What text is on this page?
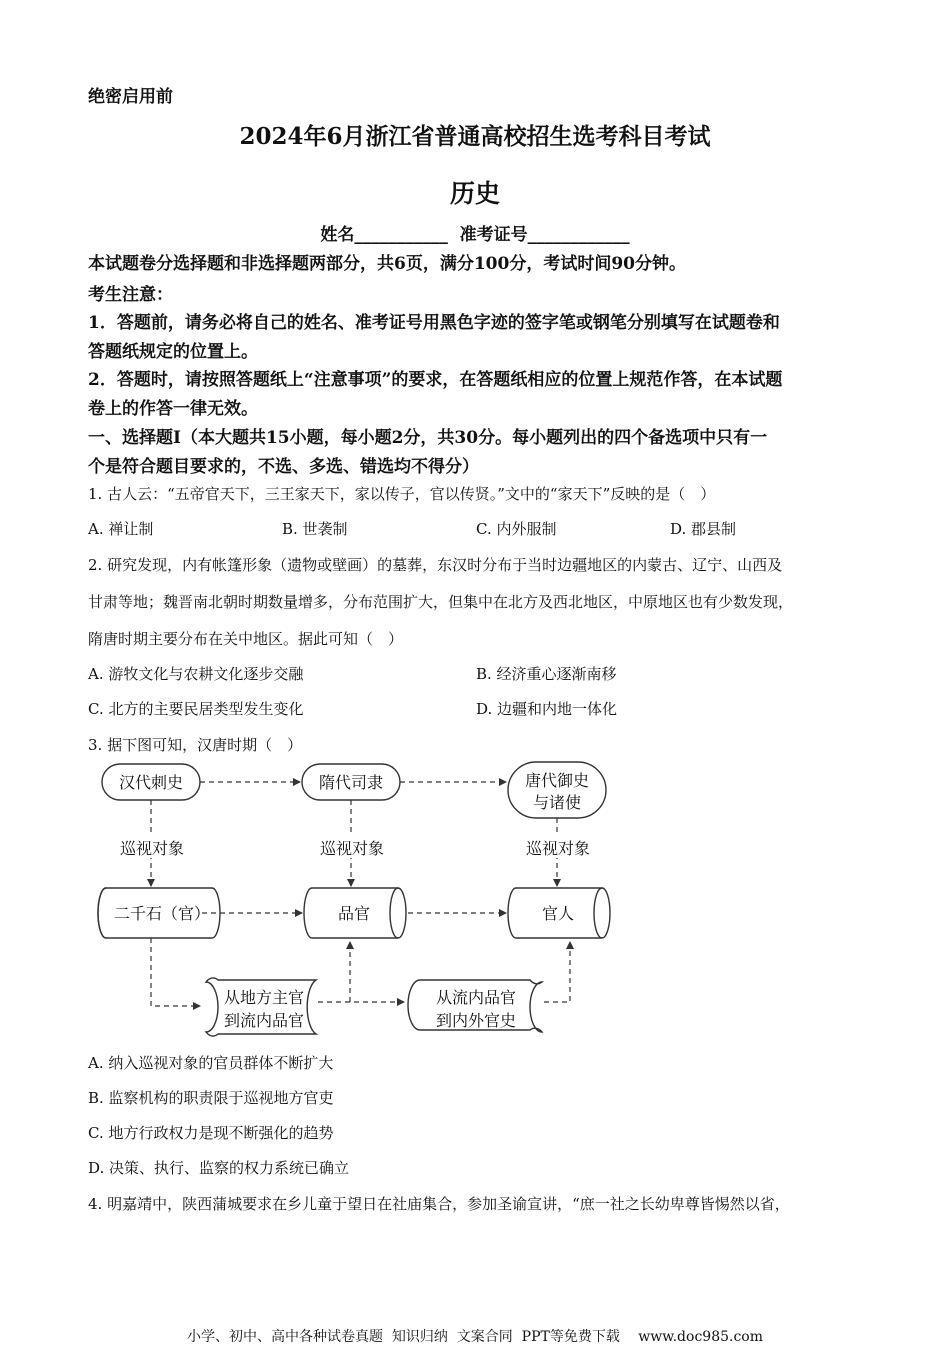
绝密启用前
2024年6月浙江省普通高校招生选考科目考试
历史
姓名___________  准考证号____________
本试题卷分选择题和非选择题两部分，共6页，满分100分，考试时间90分钟。
考生注意：
1．答题前，请务必将自己的姓名、准考证号用黑色字迹的签字笔或钢笔分别填写在试题卷和
答题纸规定的位置上。
2．答题时，请按照答题纸上“注意事项”的要求，在答题纸相应的位置上规范作答，在本试题
卷上的作答一律无效。
一、选择题Ⅰ（本大题共15小题，每小题2分，共30分。每小题列出的四个备选项中只有一
个是符合题目要求的，不选、多选、错选均不得分）
1. 古人云：“五帝官天下，三王家天下，家以传子，官以传贤。”文中的“家天下”反映的是（　）
A. 禅让制	B. 世袭制	C. 内外服制	D. 郡县制
2. 研究发现，内有帐篷形象（遗物或壁画）的墓葬，东汉时分布于当时边疆地区的内蒙古、辽宁、山西及
甘肃等地；魏晋南北朝时期数量增多，分布范围扩大，但集中在北方及西北地区，中原地区也有少数发现，
隋唐时期主要分布在关中地区。据此可知（　）
A. 游牧文化与农耕文化逐步交融	B. 经济重心逐渐南移
C. 北方的主要民居类型发生变化	D. 边疆和内地一体化
3. 据下图可知，汉唐时期（　）
汉代刺史	隋代司隶	唐代御史
与诸使
巡视对象	巡视对象	巡视对象
二千石（官）	品官	官人
从地方主官
到流内品官
从流内品官
到内外官史
A. 纳入巡视对象的官员群体不断扩大
B. 监察机构的职责限于巡视地方官吏
C. 地方行政权力是现不断强化的趋势
D. 决策、执行、监察的权力系统已确立
4. 明嘉靖中，陕西蒲城要求在乡儿童于望日在社庙集合，参加圣谕宣讲，“庶一社之长幼卑尊皆惕然以省，
小学、初中、高中各种试卷真题  知识归纳  文案合同  PPT等免费下载　 www.doc985.com
